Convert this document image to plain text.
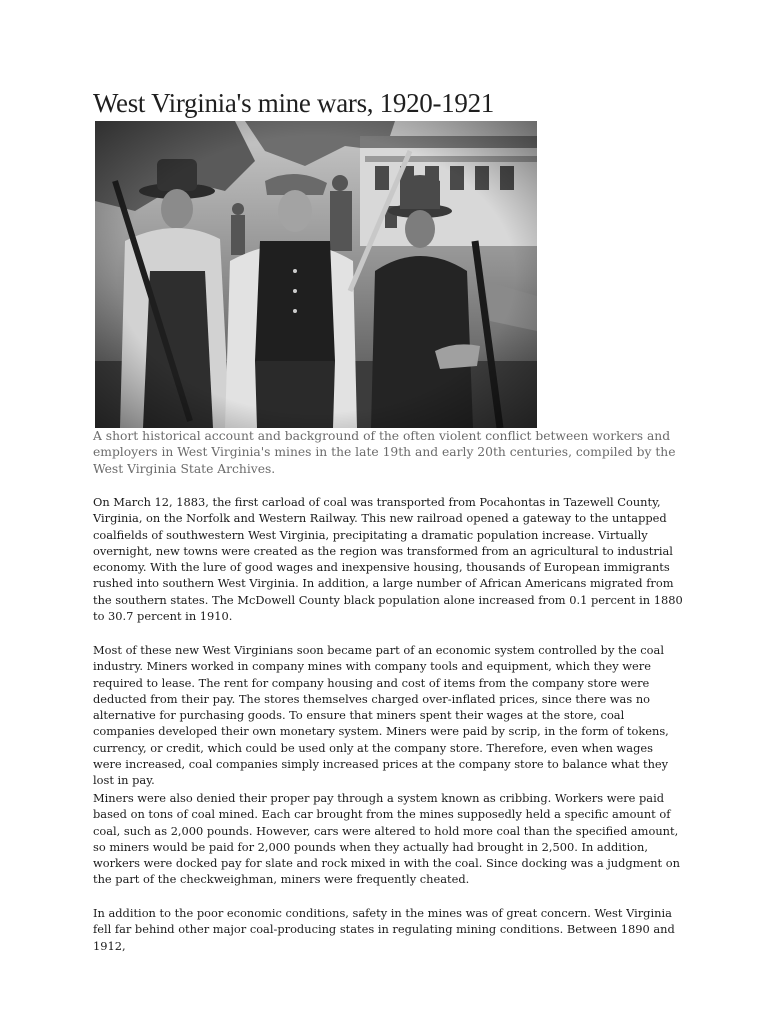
West Virginia's mine wars, 1920-1921

A short historical account and background of the often violent conflict between workers and employers in West Virginia's mines in the late 19th and early 20th centuries, compiled by the West Virginia State Archives.

On March 12, 1883, the first carload of coal was transported from Pocahontas in Tazewell County, Virginia, on the Norfolk and Western Railway. This new railroad opened a gateway to the untapped coalfields of southwestern West Virginia, precipitating a dramatic population increase. Virtually overnight, new towns were created as the region was transformed from an agricultural to industrial economy. With the lure of good wages and inexpensive housing, thousands of European immigrants rushed into southern West Virginia. In addition, a large number of African Americans migrated from the southern states. The McDowell County black population alone increased from 0.1 percent in 1880 to 30.7 percent in 1910.

Most of these new West Virginians soon became part of an economic system controlled by the coal industry. Miners worked in company mines with company tools and equipment, which they were required to lease. The rent for company housing and cost of items from the company store were deducted from their pay. The stores themselves charged over-inflated prices, since there was no alternative for purchasing goods. To ensure that miners spent their wages at the store, coal companies developed their own monetary system. Miners were paid by scrip, in the form of tokens, currency, or credit, which could be used only at the company store. Therefore, even when wages were increased, coal companies simply increased prices at the company store to balance what they lost in pay.

Miners were also denied their proper pay through a system known as cribbing. Workers were paid based on tons of coal mined. Each car brought from the mines supposedly held a specific amount of coal, such as 2,000 pounds. However, cars were altered to hold more coal than the specified amount, so miners would be paid for 2,000 pounds when they actually had brought in 2,500. In addition, workers were docked pay for slate and rock mixed in with the coal. Since docking was a judgment on the part of the checkweighman, miners were frequently cheated.

In addition to the poor economic conditions, safety in the mines was of great concern. West Virginia fell far behind other major coal-producing states in regulating mining conditions. Between 1890 and 1912,
